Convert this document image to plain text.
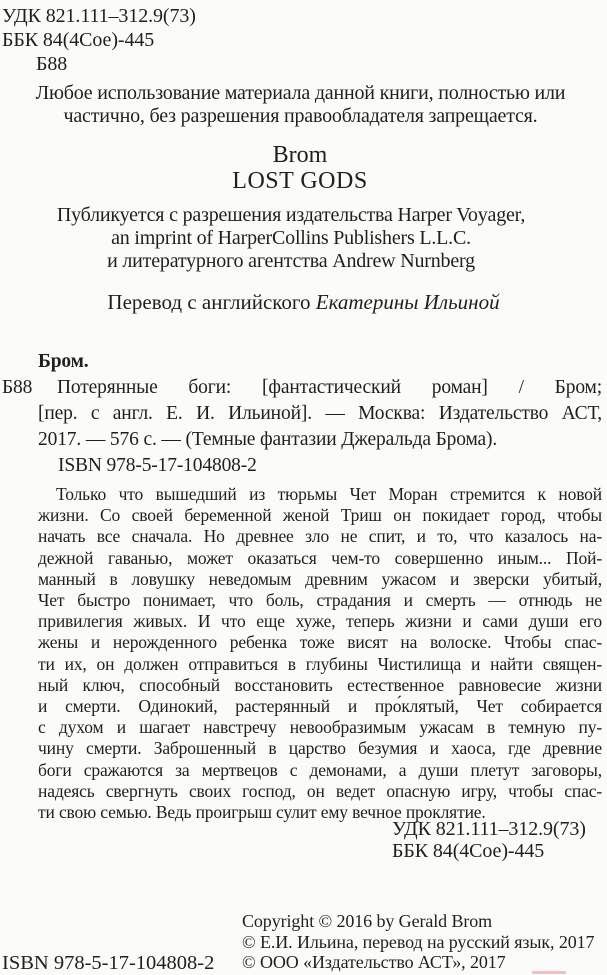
УДК 821.111–312.9(73)
ББК 84(4Сое)-445
Б88
Любое использование материала данной книги, полностью или
частично, без разрешения правообладателя запрещается.
Brom
LOST GODS
Публикуется с разрешения издательства Harper Voyager,
an imprint of HarperCollins Publishers L.L.C.
и литературного агентства Andrew Nurnberg
Перевод с английского Екатерины Ильиной
Бром.
Б88	Потерянные боги: [фантастический роман] / Бром;
[пер. с англ. Е. И. Ильиной]. — Москва: Издательство АСТ,
2017. — 576 с. — (Темные фантазии Джеральда Брома).
ISBN 978-5-17-104808-2
Только что вышедший из тюрьмы Чет Моран стремится к новой
жизни. Со своей беременной женой Триш он покидает город, чтобы
начать все сначала. Но древнее зло не спит, и то, что казалось на-
дежной гаванью, может оказаться чем-то совершенно иным... Пой-
манный в ловушку неведомым древним ужасом и зверски убитый,
Чет быстро понимает, что боль, страдания и смерть — отнюдь не
привилегия живых. И что еще хуже, теперь жизни и сами души его
жены и нерожденного ребенка тоже висят на волоске. Чтобы спас-
ти их, он должен отправиться в глубины Чистилища и найти священ-
ный ключ, способный восстановить естественное равновесие жизни
и смерти. Одинокий, растерянный и про́клятый, Чет собирается
с духом и шагает навстречу невообразимым ужасам в темную пу-
чину смерти. Заброшенный в царство безумия и хаоса, где древние
боги сражаются за мертвецов с демонами, а души плетут заговоры,
надеясь свергнуть своих господ, он ведет опасную игру, чтобы спас-
ти свою семью. Ведь проигрыш сулит ему вечное проклятие.
УДК 821.111–312.9(73)
ББК 84(4Сое)-445
Copyright © 2016 by Gerald Brom
© Е.И. Ильина, перевод на русский язык, 2017
© ООО «Издательство АСТ», 2017
ISBN 978-5-17-104808-2
